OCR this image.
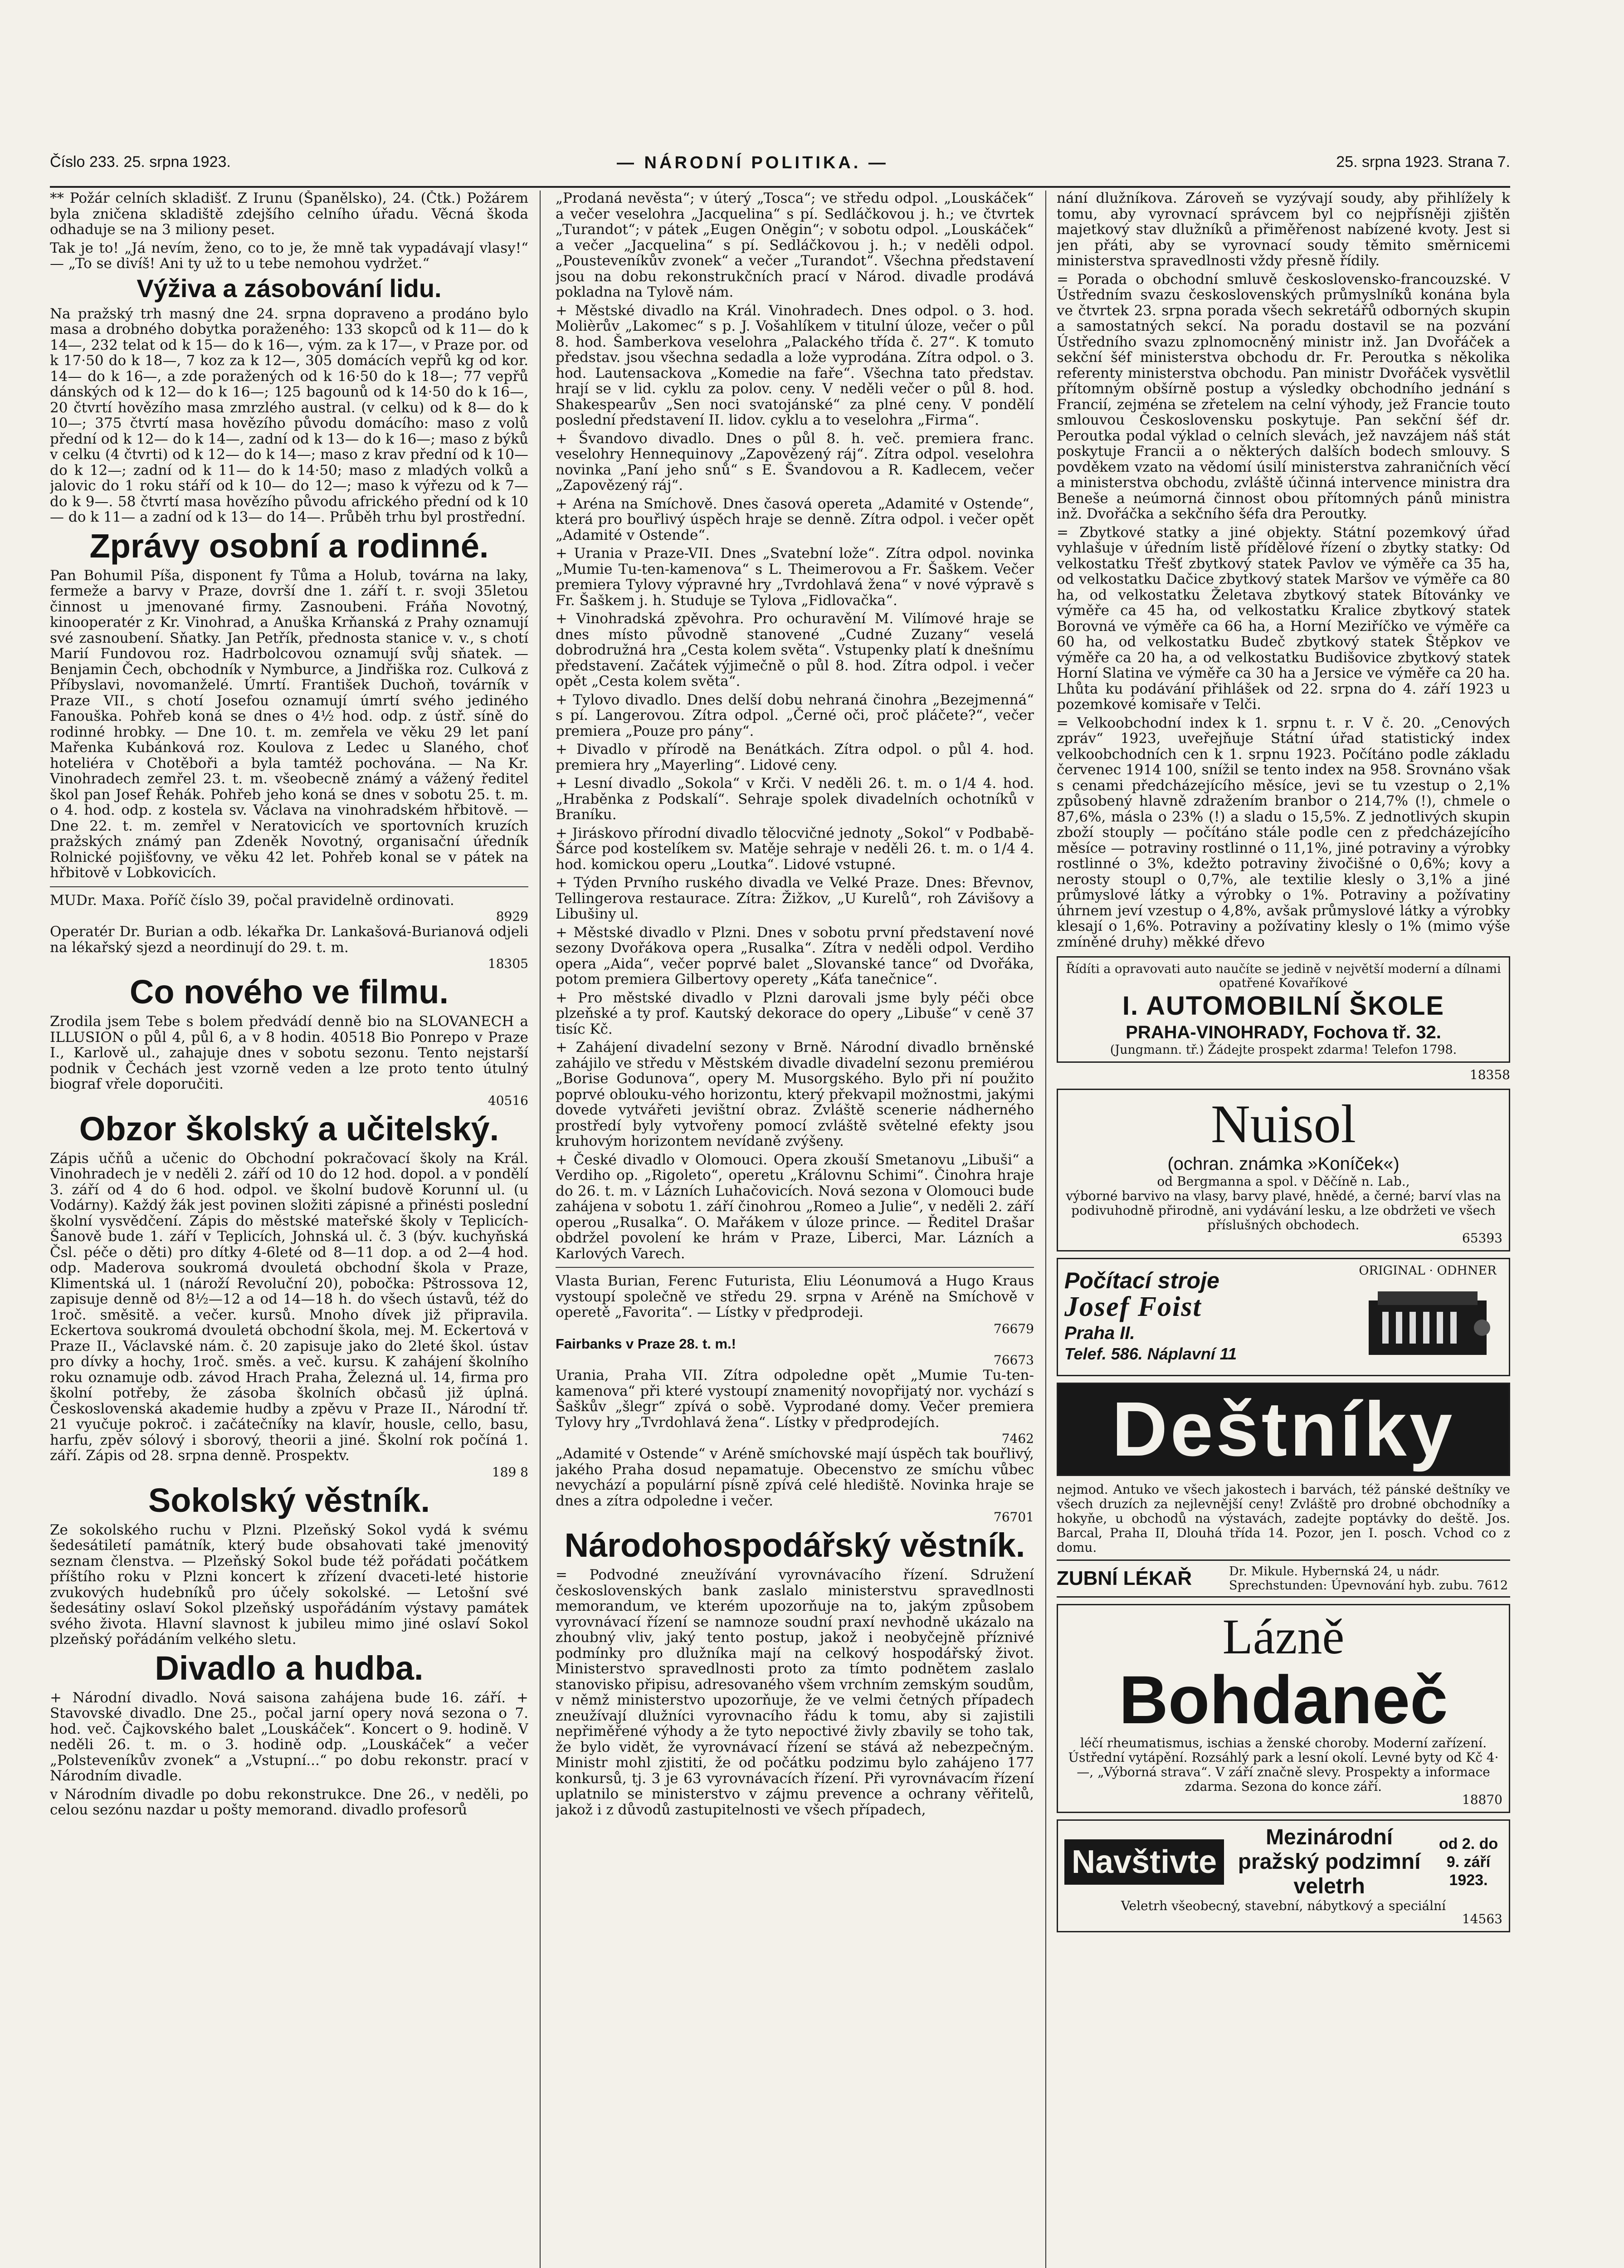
Číslo 233. 25. srpna 1923.	— NÁRODNÍ POLITIKA. —	25. srpna 1923. Strana 7.
** Požár celních skladišť. Z Irunu (Španělsko), 24. (Čtk.) Požárem byla zničena skladiště zdejšího celního úřadu. Věcná škoda odhaduje se na 3 miliony peset.
Tak je to! „Já nevím, ženo, co to je, že mně tak vypadávají vlasy!“ — „To se divíš! Ani ty už to u tebe nemohou vydržet.“
Výživa a zásobování lidu.
Na pražský trh masný dne 24. srpna dopraveno a prodáno bylo masa a drobného dobytka poraženého: 133 skopců od k 11— do k 14—, 232 telat od k 15— do k 16—, vým. za k 17—, v Praze por. od k 17·50 do k 18—, 7 koz za k 12—, 305 domácích vepřů kg od kor. 14— do k 16—, a zde poražených od k 16·50 do k 18—; 77 vepřů dánských od k 12— do k 16—; 125 bagounů od k 14·50 do k 16—, 20 čtvrtí hovězího masa zmrzlého austral. (v celku) od k 8— do k 10—; 375 čtvrtí masa hovězího původu domácího: maso z volů přední od k 12— do k 14—, zadní od k 13— do k 16—; maso z býků v celku (4 čtvrti) od k 12— do k 14—; maso z krav přední od k 10— do k 12—; zadní od k 11— do k 14·50; maso z mladých volků a jalovic do 1 roku stáří od k 10— do 12—; maso k výřezu od k 7— do k 9—. 58 čtvrtí masa hovězího původu afrického přední od k 10— do k 11— a zadní od k 13— do 14—. Průběh trhu byl prostřední.
Zprávy osobní a rodinné.
Pan Bohumil Píša, disponent fy Tůma a Holub, továrna na laky, fermeže a barvy v Praze, dovrší dne 1. září t. r. svoji 35letou činnost u jmenované firmy. Zasnoubeni. Fráňa Novotný, kinooperatér z Kr. Vinohrad, a Anuška Krňanská z Prahy oznamují své zasnoubení. Sňatky. Jan Petřík, přednosta stanice v. v., s chotí Marií Fundovou roz. Hadrbolcovou oznamují svůj sňatek. — Benjamin Čech, obchodník v Nymburce, a Jindřiška roz. Culková z Příbyslavi, novomanželé. Úmrtí. František Duchoň, továrník v Praze VII., s chotí Josefou oznamují úmrtí svého jediného Fanouška. Pohřeb koná se dnes o 4½ hod. odp. z ústř. síně do rodinné hrobky. — Dne 10. t. m. zemřela ve věku 29 let paní Mařenka Kubánková roz. Koulova z Ledec u Slaného, choť hoteliéra v Chotěboři a byla tamtéž pochována. — Na Kr. Vinohradech zemřel 23. t. m. všeobecně známý a vážený ředitel škol pan Josef Řehák. Pohřeb jeho koná se dnes v sobotu 25. t. m. o 4. hod. odp. z kostela sv. Václava na vinohradském hřbitově. — Dne 22. t. m. zemřel v Neratovicích ve sportovních kruzích pražských známý pan Zdeněk Novotný, organisační úředník Rolnické pojišťovny, ve věku 42 let. Pohřeb konal se v pátek na hřbitově v Lobkovicích.
MUDr. Maxa. Poříč číslo 39, počal pravidelně ordinovati.
8929
Operatér Dr. Burian a odb. lékařka Dr. Lankašová-Burianová odjeli na lékařský sjezd a neordinují do 29. t. m.
18305
Co nového ve filmu.
Zrodila jsem Tebe s bolem předvádí denně bio na SLOVANECH a ILLUSION o půl 4, půl 6, a v 8 hodin. 40518 Bio Ponrepo v Praze I., Karlově ul., zahajuje dnes v sobotu sezonu. Tento nejstarší podnik v Čechách jest vzorně veden a lze proto tento útulný biograf vřele doporučiti.
40516
Obzor školský a učitelský.
Zápis učňů a učenic do Obchodní pokračovací školy na Král. Vinohradech je v neděli 2. září od 10 do 12 hod. dopol. a v pondělí 3. září od 4 do 6 hod. odpol. ve školní budově Korunní ul. (u Vodárny). Každý žák jest povinen složiti zápisné a přinésti poslední školní vysvědčení. Zápis do městské mateřské školy v Teplicích-Šanově bude 1. září v Teplicích, Johnská ul. č. 3 (býv. kuchyňská Čsl. péče o děti) pro dítky 4-6leté od 8—11 dop. a od 2—4 hod. odp. Maderova soukromá dvouletá obchodní škola v Praze, Klimentská ul. 1 (nároží Revoluční 20), pobočka: Pštrossova 12, zapisuje denně od 8½—12 a od 14—18 h. do všech ústavů, též do 1roč. směsitě. a večer. kursů. Mnoho dívek již připravila. Eckertova soukromá dvouletá obchodní škola, mej. M. Eckertová v Praze II., Václavské nám. č. 20 zapisuje jako do 2leté škol. ústav pro dívky a hochy, 1roč. směs. a več. kursu. K zahájení školního roku oznamuje odb. závod Hrach Praha, Železná ul. 14, firma pro školní potřeby, že zásoba školních občasů již úplná. Československá akademie hudby a zpěvu v Praze II., Národní tř. 21 vyučuje pokroč. i začátečníky na klavír, housle, cello, basu, harfu, zpěv sólový i sborový, theorii a jiné. Školní rok počíná 1. září. Zápis od 28. srpna denně. Prospektv.
189 8
Sokolský věstník.
Ze sokolského ruchu v Plzni. Plzeňský Sokol vydá k svému šedesátiletí památník, který bude obsahovati také jmenovitý seznam členstva. — Plzeňský Sokol bude též pořádati počátkem příštího roku v Plzni koncert k zřízení dvaceti-leté historie zvukových hudebníků pro účely sokolské. — Letošní své šedesátiny oslaví Sokol plzeňský uspořádáním výstavy památek svého života. Hlavní slavnost k jubileu mimo jiné oslaví Sokol plzeňský pořádáním velkého sletu.
Divadlo a hudba.
+ Národní divadlo. Nová saisona zahájena bude 16. září. + Stavovské divadlo. Dne 25., počal jarní opery nová sezona o 7. hod. več. Čajkovského balet „Louskáček“. Koncert o 9. hodině. V neděli 26. t. m. o 3. hodině odp. „Louskáček“ a večer „Polsteveníkův zvonek“ a „Vstupní...“ po dobu rekonstr. prací v Národním divadle.
v Národním divadle po dobu rekonstrukce. Dne 26., v neděli, po celou sezónu nazdar u pošty memorand. divadlo profesorů
„Prodaná nevěsta“; v úterý „Tosca“; ve středu odpol. „Louskáček“ a večer veselohra „Jacquelina“ s pí. Sedláčkovou j. h.; ve čtvrtek „Turandot“; v pátek „Eugen Oněgin“; v sobotu odpol. „Louskáček“ a večer „Jacquelina“ s pí. Sedláčkovou j. h.; v neděli odpol. „Pousteveníkův zvonek“ a večer „Turandot“. Všechna představení jsou na dobu rekonstrukčních prací v Národ. divadle prodává pokladna na Tylově nám.
+ Městské divadlo na Král. Vinohradech. Dnes odpol. o 3. hod. Molièrův „Lakomec“ s p. J. Vošahlíkem v titulní úloze, večer o půl 8. hod. Šamberkova veselohra „Palackého třída č. 27“. K tomuto představ. jsou všechna sedadla a lože vyprodána. Zítra odpol. o 3. hod. Lautensackova „Komedie na faře“. Všechna tato představ. hrají se v lid. cyklu za polov. ceny. V neděli večer o půl 8. hod. Shakespearův „Sen noci svatojánské“ za plné ceny. V pondělí poslední představení II. lidov. cyklu a to veselohra „Firma“.
+ Švandovo divadlo. Dnes o půl 8. h. več. premiera franc. veselohry Hennequinovy „Zapovězený ráj“. Zítra odpol. veselohra novinka „Paní jeho snů“ s E. Švandovou a R. Kadlecem, večer „Zapovězený ráj“.
+ Aréna na Smíchově. Dnes časová opereta „Adamité v Ostende“, která pro bouřlivý úspěch hraje se denně. Zítra odpol. i večer opět „Adamité v Ostende“.
+ Urania v Praze-VII. Dnes „Svatební lože“. Zítra odpol. novinka „Mumie Tu-ten-kamenova“ s L. Theimerovou a Fr. Šaškem. Večer premiera Tylovy výpravné hry „Tvrdohlavá žena“ v nové výpravě s Fr. Šaškem j. h. Studuje se Tylova „Fidlovačka“.
+ Vinohradská zpěvohra. Pro ochuravění M. Vilímové hraje se dnes místo původně stanovené „Cudné Zuzany“ veselá dobrodružná hra „Cesta kolem světa“. Vstupenky platí k dnešnímu představení. Začátek výjimečně o půl 8. hod. Zítra odpol. i večer opět „Cesta kolem světa“.
+ Tylovo divadlo. Dnes delší dobu nehraná činohra „Bezejmenná“ s pí. Langerovou. Zítra odpol. „Černé oči, proč pláčete?“, večer premiera „Pouze pro pány“.
+ Divadlo v přírodě na Benátkách. Zítra odpol. o půl 4. hod. premiera hry „Mayerling“. Lidové ceny.
+ Lesní divadlo „Sokola“ v Krči. V neděli 26. t. m. o 1/4 4. hod. „Hraběnka z Podskalí“. Sehraje spolek divadelních ochotníků v Braníku.
+ Jiráskovo přírodní divadlo tělocvičné jednoty „Sokol“ v Podbabě-Šárce pod kostelíkem sv. Matěje sehraje v neděli 26. t. m. o 1/4 4. hod. komickou operu „Loutka“. Lidové vstupné.
+ Týden Prvního ruského divadla ve Velké Praze. Dnes: Břevnov, Tellingerova restaurace. Zítra: Žižkov, „U Kurelů“, roh Závišovy a Libušiny ul.
+ Městské divadlo v Plzni. Dnes v sobotu první představení nové sezony Dvořákova opera „Rusalka“. Zítra v neděli odpol. Verdiho opera „Aida“, večer poprvé balet „Slovanské tance“ od Dvořáka, potom premiera Gilbertovy operety „Káťa tanečnice“.
+ Pro městské divadlo v Plzni darovali jsme byly péči obce plzeňské a ty prof. Kautský dekorace do opery „Libuše“ v ceně 37 tisíc Kč.
+ Zahájení divadelní sezony v Brně. Národní divadlo brněnské zahájilo ve středu v Městském divadle divadelní sezonu premiérou „Borise Godunova“, opery M. Musorgského. Bylo při ní použito poprvé oblouku-vého horizontu, který překvapil možnostmi, jakými dovede vytvářeti jevištní obraz. Zvláště scenerie nádherného prostředí byly vytvořeny pomocí zvláště světelné efekty jsou kruhovým horizontem nevídaně zvýšeny.
+ České divadlo v Olomouci. Opera zkouší Smetanovu „Libuši“ a Verdiho op. „Rigoleto“, operetu „Královnu Schimi“. Činohra hraje do 26. t. m. v Lázních Luhačovicích. Nová sezona v Olomouci bude zahájena v sobotu 1. září činohrou „Romeo a Julie“, v neděli 2. září operou „Rusalka“. O. Mařákem v úloze prince. — Ředitel Drašar obdržel povolení ke hrám v Praze, Liberci, Mar. Lázních a Karlových Varech.
Vlasta Burian, Ferenc Futurista, Eliu Léonumová a Hugo Kraus vystoupí společně ve středu 29. srpna v Aréně na Smíchově v operetě „Favorita“. — Lístky v předprodeji.
76679
Fairbanks v Praze 28. t. m.!
76673
Urania, Praha VII. Zítra odpoledne opět „Mumie Tu-ten-kamenova“ při které vystoupí znamenitý novopřijatý nor. vychází s Šaškův „šlegr“ zpívá o sobě. Vyprodané domy. Večer premiera Tylovy hry „Tvrdohlavá žena“. Lístky v předprodejích.
7462
„Adamité v Ostende“ v Aréně smíchovské mají úspěch tak bouřlivý, jakého Praha dosud nepamatuje. Obecenstvo ze smíchu vůbec nevychází a populární písně zpívá celé hlediště. Novinka hraje se dnes a zítra odpoledne i večer.
76701
Národohospodářský věstník.
= Podvodné zneužívání vyrovnávacího řízení. Sdružení československých bank zaslalo ministerstvu spravedlnosti memorandum, ve kterém upozorňuje na to, jakým způsobem vyrovnávací řízení se namnoze soudní praxí nevhodně ukázalo na zhoubný vliv, jaký tento postup, jakož i neobyčejně příznivé podmínky pro dlužníka mají na celkový hospodářský život. Ministerstvo spravedlnosti proto za tímto podnětem zaslalo stanovisko připisu, adresovaného všem vrchním zemským soudům, v němž ministerstvo upozorňuje, že ve velmi četných případech zneužívají dlužníci vyrovnacího řádu k tomu, aby si zajistili nepřiměřené výhody a že tyto nepoctivé živly zbavily se toho tak, že bylo vidět, že vyrovnávací řízení se stává až nebezpečným. Ministr mohl zjistiti, že od počátku podzimu bylo zahájeno 177 konkursů, tj. 3 je 63 vyrovnávacích řízení. Při vyrovnávacím řízení uplatnilo se ministerstvo v zájmu prevence a ochrany věřitelů, jakož i z důvodů zastupitelnosti ve všech případech,
nání dlužníkova. Zároveň se vyzývají soudy, aby přihlížely k tomu, aby vyrovnací správcem byl co nejpřísněji zjištěn majetkový stav dlužníků a přiměřenost nabízené kvoty. Jest si jen přáti, aby se vyrovnací soudy těmito směrnicemi ministerstva spravedlnosti vždy přesně řídily.
= Porada o obchodní smluvě československo-francouzské. V Ústředním svazu československých průmyslníků konána byla ve čtvrtek 23. srpna porada všech sekretářů odborných skupin a samostatných sekcí. Na poradu dostavil se na pozvání Ústředního svazu zplnomocněný ministr inž. Jan Dvořáček a sekční šéf ministerstva obchodu dr. Fr. Peroutka s několika referenty ministerstva obchodu. Pan ministr Dvořáček vysvětlil přítomným obšírně postup a výsledky obchodního jednání s Francií, zejména se zřetelem na celní výhody, jež Francie touto smlouvou Československu poskytuje. Pan sekční šéf dr. Peroutka podal výklad o celních slevách, jež navzájem náš stát poskytuje Francii a o některých dalších bodech smlouvy. S povděkem vzato na vědomí úsilí ministerstva zahraničních věcí a ministerstva obchodu, zvláště účinná intervence ministra dra Beneše a neúmorná činnost obou přítomných pánů ministra inž. Dvořáčka a sekčního šéfa dra Peroutky.
= Zbytkové statky a jiné objekty. Státní pozemkový úřad vyhlašuje v úředním listě přídělové řízení o zbytky statky: Od velkostatku Třešť zbytkový statek Pavlov ve výměře ca 35 ha, od velkostatku Dačice zbytkový statek Maršov ve výměře ca 80 ha, od velkostatku Želetava zbytkový statek Bítovánky ve výměře ca 45 ha, od velkostatku Kralice zbytkový statek Borovná ve výměře ca 66 ha, a Horní Meziříčko ve výměře ca 60 ha, od velkostatku Budeč zbytkový statek Štěpkov ve výměře ca 20 ha, a od velkostatku Budišovice zbytkový statek Horní Slatina ve výměře ca 30 ha a Jersice ve výměře ca 20 ha. Lhůta ku podávání přihlášek od 22. srpna do 4. září 1923 u pozemkové komisaře v Telči.
= Velkoobchodní index k 1. srpnu t. r. V č. 20. „Cenových zpráv“ 1923, uveřejňuje Státní úřad statistický index velkoobchodních cen k 1. srpnu 1923. Počítáno podle základu červenec 1914 100, snížil se tento index na 958. Srovnáno však s cenami předcházejícího měsíce, jevi se tu vzestup o 2,1% způsobený hlavně zdražením branbor o 214,7% (!), chmele o 87,6%, másla o 23% (!) a sladu o 15,5%. Z jednotlivých skupin zboží stouply — počítáno stále podle cen z předcházejícího měsíce — potraviny rostlinné o 11,1%, jiné potraviny a výrobky rostlinné o 3%, kdežto potraviny živočišné o 0,6%; kovy a nerosty stoupl o 0,7%, ale textilie klesly o 3,1% a jiné průmyslové látky a výrobky o 1%. Potraviny a požívatiny úhrnem jeví vzestup o 4,8%, avšak průmyslové látky a výrobky klesají o 1,6%. Potraviny a požívatiny klesly o 1% (mimo výše zmíněné druhy) měkké dřevo
Řídíti a opravovati auto naučíte se jedině v největší moderní a dílnami opatřené Kovaříkové
I. AUTOMOBILNÍ ŠKOLE
PRAHA-VINOHRADY, Fochova tř. 32.
(Jungmann. tř.) Žádejte prospekt zdarma! Telefon 1798.
18358
Nuisol
(ochran. známka »Koníček«)
od Bergmanna a spol. v Děčíně n. Lab.,
výborné barvivo na vlasy, barvy plavé, hnědé, a černé; barví vlas na podivuhodně přirodně, ani vydávání lesku, a lze obdržeti ve všech příslušných obchodech.
65393
Počítací stroje
Josef Foist
Praha II.
Telef. 586. Náplavní 11
ORIGINAL · ODHNER
Deštníky
nejmod. Antuko ve všech jakostech i barvách, též pánské deštníky ve všech druzích za nejlevnější ceny! Zvláště pro drobné obchodníky a hokyňe, u obchodů na výstavách, zadejte poptávky do deště. Jos. Barcal, Praha II, Dlouhá třída 14. Pozor, jen I. posch. Vchod co z domu.
ZUBNÍ LÉKAŘ	Dr. Mikule. Hybernská 24, u nádr. Sprechstunden: Úpevnování hyb. zubu. 7612
Lázně
Bohdaneč
léčí rheumatismus, ischias a ženské choroby. Moderní zařízení. Ústřední vytápění. Rozsáhlý park a lesní okolí. Levné byty od Kč 4·—, „Výborná strava“. V září značně slevy. Prospekty a informace zdarma. Sezona do konce září.
18870
Navštivte
Mezinárodní pražský podzimní veletrh
od 2. do 9. září 1923.
Veletrh všeobecný, stavební, nábytkový a speciální
14563
